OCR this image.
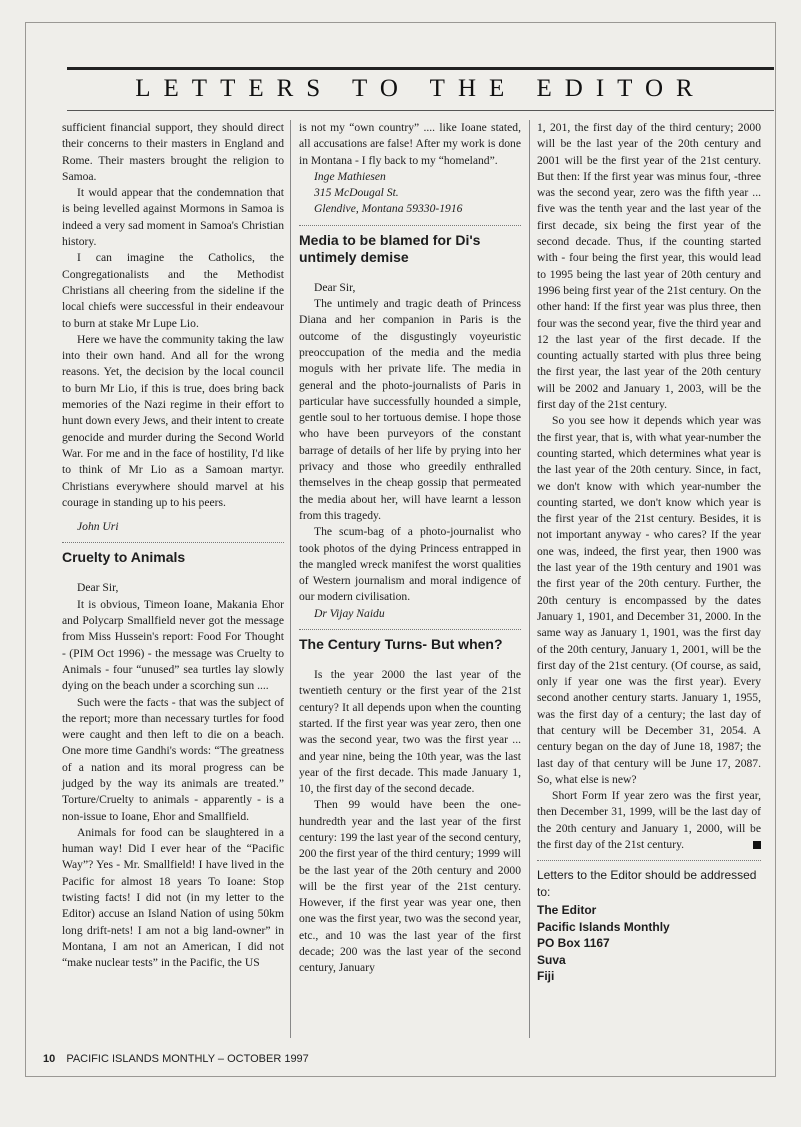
LETTERS TO THE EDITOR

sufficient financial support, they should direct their concerns to their masters in England and Rome. Their masters brought the religion to Samoa.

It would appear that the condemnation that is being levelled against Mormons in Samoa is indeed a very sad moment in Samoa's Christian history.

I can imagine the Catholics, the Congregationalists and the Methodist Christians all cheering from the sideline if the local chiefs were successful in their endeavour to burn at stake Mr Lupe Lio.

Here we have the community taking the law into their own hand. And all for the wrong reasons. Yet, the decision by the local council to burn Mr Lio, if this is true, does bring back memories of the Nazi regime in their effort to hunt down every Jews, and their intent to create genocide and murder during the Second World War. For me and in the face of hostility, I'd like to think of Mr Lio as a Samoan martyr. Christians everywhere should marvel at his courage in standing up to his peers.

John Uri

Cruelty to Animals

Dear Sir,

It is obvious, Timeon Ioane, Makania Ehor and Polycarp Smallfield never got the message from Miss Hussein's report: Food For Thought - (PIM Oct 1996) - the message was Cruelty to Animals - four “unused” sea turtles lay slowly dying on the beach under a scorching sun ....

Such were the facts - that was the subject of the report; more than necessary turtles for food were caught and then left to die on a beach. One more time Gandhi's words: “The greatness of a nation and its moral progress can be judged by the way its animals are treated.” Torture/Cruelty to animals - apparently - is a non-issue to Ioane, Ehor and Smallfield.

Animals for food can be slaughtered in a human way! Did I ever hear of the “Pacific Way”? Yes - Mr. Smallfield! I have lived in the Pacific for almost 18 years To Ioane: Stop twisting facts! I did not (in my letter to the Editor) accuse an Island Nation of using 50km long drift-nets! I am not a big land-owner” in Montana, I am not an American, I did not “make nuclear tests” in the Pacific, the US

is not my “own country” .... like Ioane stated, all accusations are false! After my work is done in Montana - I fly back to my “homeland”.

Inge Mathiesen

315 McDougal St.

Glendive, Montana 59330-1916

Media to be blamed for Di's untimely demise

Dear Sir,

The untimely and tragic death of Princess Diana and her companion in Paris is the outcome of the disgustingly voyeuristic preoccupation of the media and the media moguls with her private life. The media in general and the photo-journalists of Paris in particular have successfully hounded a simple, gentle soul to her tortuous demise. I hope those who have been purveyors of the constant barrage of details of her life by prying into her privacy and those who greedily enthralled themselves in the cheap gossip that permeated the media about her, will have learnt a lesson from this tragedy.

The scum-bag of a photo-journalist who took photos of the dying Princess entrapped in the mangled wreck manifest the worst qualities of Western journalism and moral indigence of our modern civilisation.

Dr Vijay Naidu

The Century Turns- But when?

Is the year 2000 the last year of the twentieth century or the first year of the 21st century? It all depends upon when the counting started. If the first year was year zero, then one was the second year, two was the first year ... and year nine, being the 10th year, was the last year of the first decade. This made January 1, 10, the first day of the second decade.

Then 99 would have been the one-hundredth year and the last year of the first century: 199 the last year of the second century, 200 the first year of the third century; 1999 will be the last year of the 20th century and 2000 will be the first year of the 21st century. However, if the first year was year one, then one was the first year, two was the second year, etc., and 10 was the last year of the first decade; 200 was the last year of the second century, January

1, 201, the first day of the third century; 2000 will be the last year of the 20th century and 2001 will be the first year of the 21st century. But then: If the first year was minus four, -three was the second year, zero was the fifth year ... five was the tenth year and the last year of the first decade, six being the first year of the second decade. Thus, if the counting started with - four being the first year, this would lead to 1995 being the last year of 20th century and 1996 being first year of the 21st century. On the other hand: If the first year was plus three, then four was the second year, five the third year and 12 the last year of the first decade. If the counting actually started with plus three being the first year, the last year of the 20th century will be 2002 and January 1, 2003, will be the first day of the 21st century.

So you see how it depends which year was the first year, that is, with what year-number the counting started, which determines what year is the last year of the 20th century. Since, in fact, we don't know with which year-number the counting started, we don't know which year is the first year of the 21st century. Besides, it is not important anyway - who cares? If the year one was, indeed, the first year, then 1900 was the last year of the 19th century and 1901 was the first year of the 20th century. Further, the 20th century is encompassed by the dates January 1, 1901, and December 31, 2000. In the same way as January 1, 1901, was the first day of the 20th century, January 1, 2001, will be the first day of the 21st century. (Of course, as said, only if year one was the first year). Every second another century starts. January 1, 1955, was the first day of a century; the last day of that century will be December 31, 2054. A century began on the day of June 18, 1987; the last day of that century will be June 17, 2087. So, what else is new?

Short Form If year zero was the first year, then December 31, 1999, will be the last day of the 20th century and January 1, 2000, will be the first day of the 21st century.

Letters to the Editor should be addressed to:
The Editor
Pacific Islands Monthly
PO Box 1167
Suva
Fiji
10 PACIFIC ISLANDS MONTHLY – OCTOBER 1997
